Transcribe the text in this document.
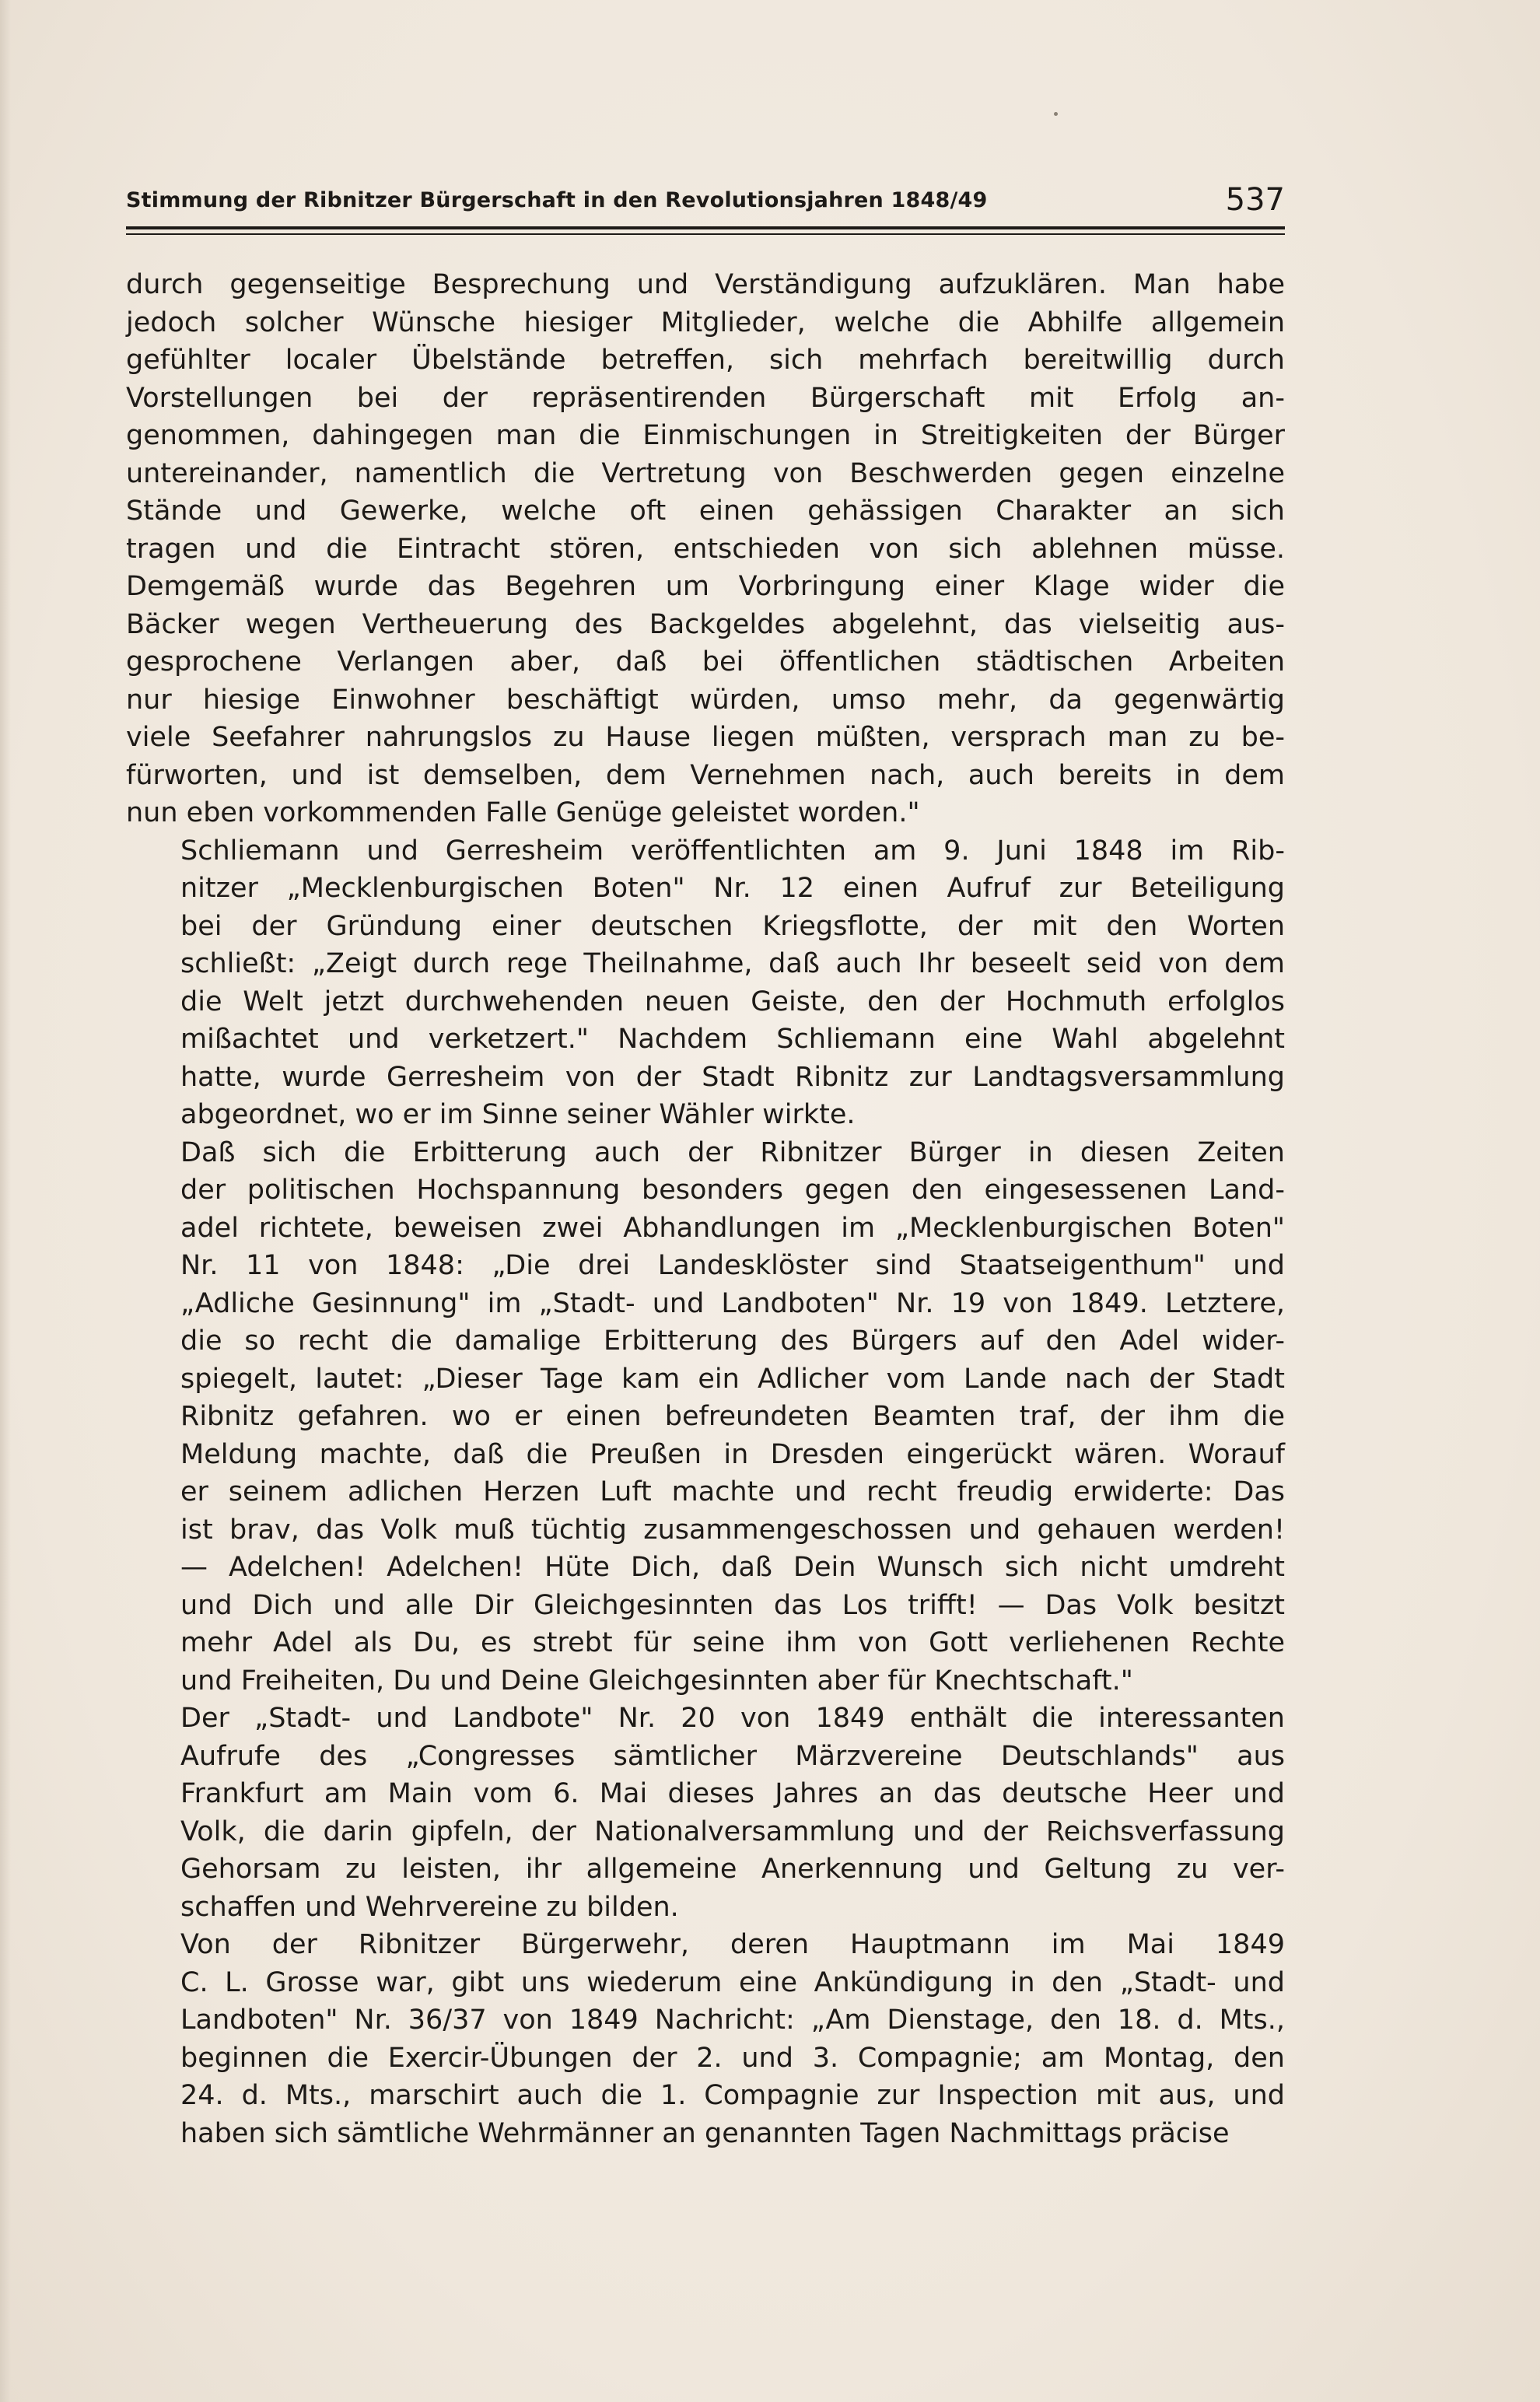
Stimmung der Ribnitzer Bürgerschaft in den Revolutionsjahren 1848/49	537

durch gegenseitige Besprechung und Verständigung aufzuklären. Man habe
jedoch solcher Wünsche hiesiger Mitglieder, welche die Abhilfe allgemein
gefühlter localer Übelstände betreffen, sich mehrfach bereitwillig durch
Vorstellungen bei der repräsentirenden Bürgerschaft mit Erfolg an-
genommen, dahingegen man die Einmischungen in Streitigkeiten der Bürger
untereinander, namentlich die Vertretung von Beschwerden gegen einzelne
Stände und Gewerke, welche oft einen gehässigen Charakter an sich
tragen und die Eintracht stören, entschieden von sich ablehnen müsse.
Demgemäß wurde das Begehren um Vorbringung einer Klage wider die
Bäcker wegen Vertheuerung des Backgeldes abgelehnt, das vielseitig aus-
gesprochene Verlangen aber, daß bei öffentlichen städtischen Arbeiten
nur hiesige Einwohner beschäftigt würden, umso mehr, da gegenwärtig
viele Seefahrer nahrungslos zu Hause liegen müßten, versprach man zu be-
fürworten, und ist demselben, dem Vernehmen nach, auch bereits in dem
nun eben vorkommenden Falle Genüge geleistet worden."

Schliemann und Gerresheim veröffentlichten am 9. Juni 1848 im Rib-
nitzer „Mecklenburgischen Boten" Nr. 12 einen Aufruf zur Beteiligung
bei der Gründung einer deutschen Kriegsflotte, der mit den Worten
schließt: „Zeigt durch rege Theilnahme, daß auch Ihr beseelt seid von dem
die Welt jetzt durchwehenden neuen Geiste, den der Hochmuth erfolglos
mißachtet und verketzert." Nachdem Schliemann eine Wahl abgelehnt
hatte, wurde Gerresheim von der Stadt Ribnitz zur Landtagsversammlung
abgeordnet, wo er im Sinne seiner Wähler wirkte.

Daß sich die Erbitterung auch der Ribnitzer Bürger in diesen Zeiten
der politischen Hochspannung besonders gegen den eingesessenen Land-
adel richtete, beweisen zwei Abhandlungen im „Mecklenburgischen Boten"
Nr. 11 von 1848: „Die drei Landesklöster sind Staatseigenthum" und
„Adliche Gesinnung" im „Stadt- und Landboten" Nr. 19 von 1849. Letztere,
die so recht die damalige Erbitterung des Bürgers auf den Adel wider-
spiegelt, lautet: „Dieser Tage kam ein Adlicher vom Lande nach der Stadt
Ribnitz gefahren. wo er einen befreundeten Beamten traf, der ihm die
Meldung machte, daß die Preußen in Dresden eingerückt wären. Worauf
er seinem adlichen Herzen Luft machte und recht freudig erwiderte: Das
ist brav, das Volk muß tüchtig zusammengeschossen und gehauen werden!
— Adelchen! Adelchen! Hüte Dich, daß Dein Wunsch sich nicht umdreht
und Dich und alle Dir Gleichgesinnten das Los trifft! — Das Volk besitzt
mehr Adel als Du, es strebt für seine ihm von Gott verliehenen Rechte
und Freiheiten, Du und Deine Gleichgesinnten aber für Knechtschaft."

Der „Stadt- und Landbote" Nr. 20 von 1849 enthält die interessanten
Aufrufe des „Congresses sämtlicher Märzvereine Deutschlands" aus
Frankfurt am Main vom 6. Mai dieses Jahres an das deutsche Heer und
Volk, die darin gipfeln, der Nationalversammlung und der Reichsverfassung
Gehorsam zu leisten, ihr allgemeine Anerkennung und Geltung zu ver-
schaffen und Wehrvereine zu bilden.

Von der Ribnitzer Bürgerwehr, deren Hauptmann im Mai 1849
C. L. Grosse war, gibt uns wiederum eine Ankündigung in den „Stadt- und
Landboten" Nr. 36/37 von 1849 Nachricht: „Am Dienstage, den 18. d. Mts.,
beginnen die Exercir-Übungen der 2. und 3. Compagnie; am Montag, den
24. d. Mts., marschirt auch die 1. Compagnie zur Inspection mit aus, und
haben sich sämtliche Wehrmänner an genannten Tagen Nachmittags präcise
